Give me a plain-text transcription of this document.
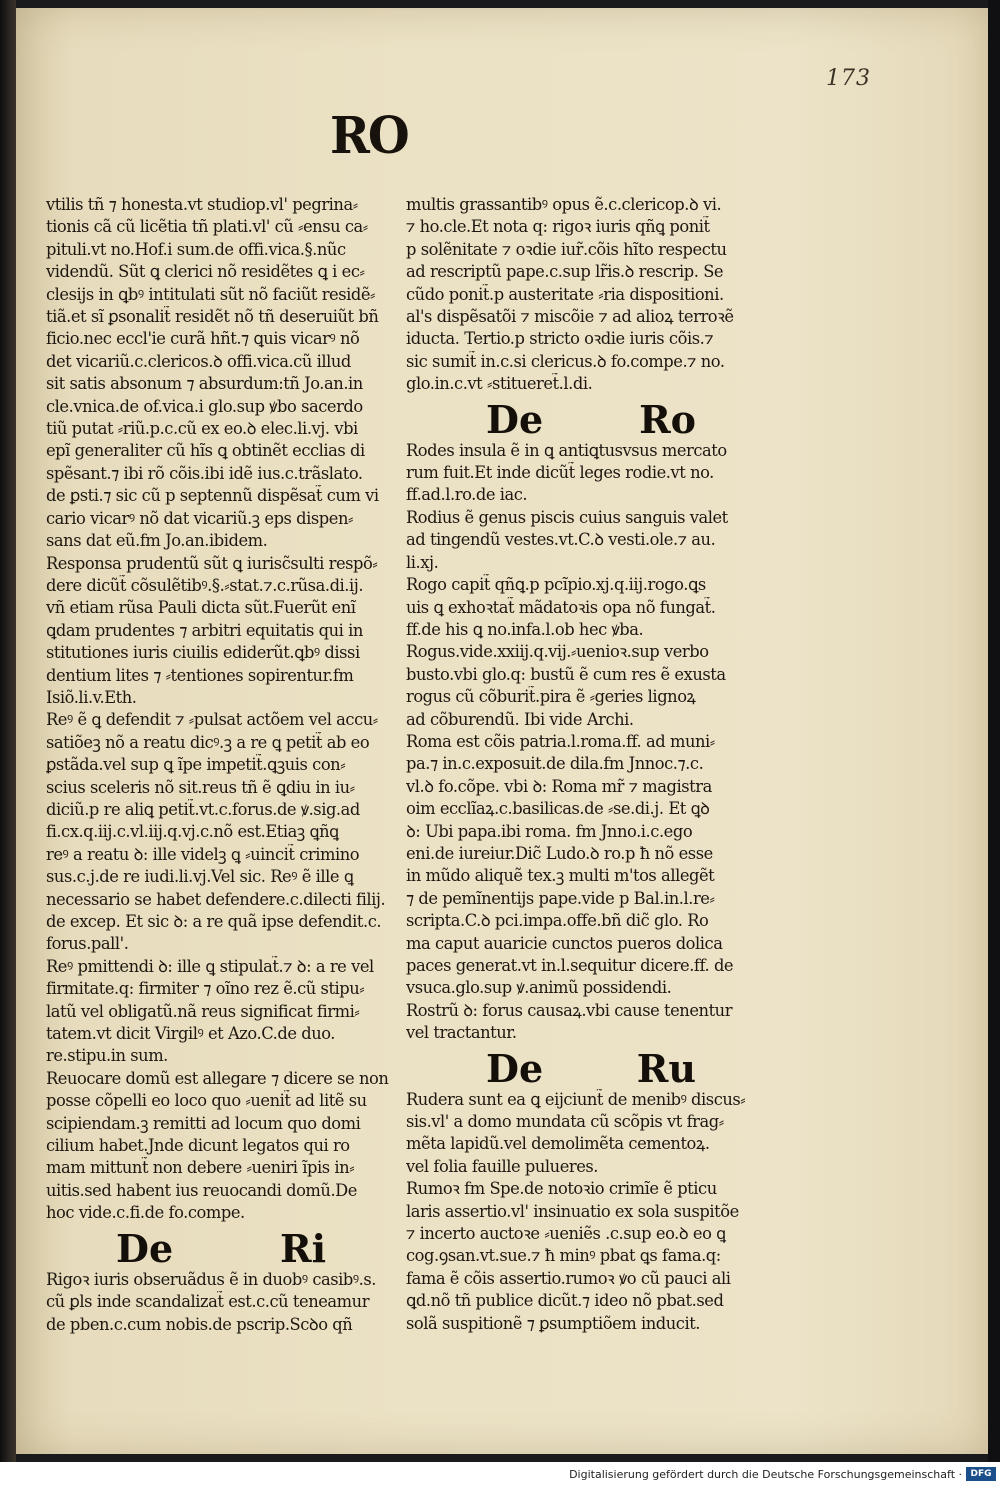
173
RO
vtilis tñ ⁊ honesta.vt studiop.vl' pegrina⸗
tionis cã cũ licẽtia tñ plati.vl' cũ ⸗ensu ca⸗
pituli.vt no.Hof.i sum.de offi.vica.§.nũc
videndũ. Sũt ꝗ clerici nõ residẽtes ꝗ i ec⸗
clesijs in ꝗbꝰ intitulati sũt nõ faciũt residẽ⸗
tiã.et sĩ ꝑsonalit̃ residẽt nõ tñ deseruiũt bñ
ficio.nec eccl'ie curã hñt.⁊ ꝗuis vicarꝰ nõ
det vicariũ.c.clericos.ꝺ offi.vica.cũ illud
sit satis absonum ⁊ absurdum:tñ Jo.an.in
cle.vnica.de of.vica.i glo.sup ꝟbo sacerdo
tiũ putat ⸗riũ.p.c.cũ ex eo.ꝺ elec.li.vj. vbi
epĩ generaliter cũ hĩs ꝗ obtinẽt ecclias di
spẽsant.⁊ ibi rõ cõis.ibi idẽ ius.c.trãslato.
de ꝑsti.⁊ sic cũ p septennũ dispẽsat̃ cum vi
cario vicarꝰ nõ dat vicariũ.ꝫ eps dispen⸗
sans dat eũ.fm Jo.an.ibidem.
Responsa prudentũ sũt ꝗ iurisc̃sulti respõ⸗
dere dicũt̃ cõsulẽtibꝰ.§.⸗stat.⁊.c.rũsa.di.ij.
vñ etiam rũsa Pauli dicta sũt.Fuerũt enĩ
ꝗdam prudentes ⁊ arbitri equitatis qui in
stitutiones iuris ciuilis ediderũt.ꝗbꝰ dissi
dentium lites ⁊ ⸗tentiones sopirentur.fm
Isiõ.li.v.Eth.
Reꝰ ẽ ꝗ defendit ⁊ ⸗pulsat actõem vel accu⸗
satiõeꝫ nõ a reatu dicꝰ.ꝫ a re ꝗ petit̃ ab eo
ꝑstãda.vel sup ꝗ ĩpe impetit̃.ꝗꝫuis con⸗
scius sceleris nõ sit.reus tñ ẽ ꝗdiu in iu⸗
diciũ.p re aliꝗ petit̃.vt.c.forus.de ꝟ.sig.ad
fi.cx.q.iij.c.vl.iij.q.vj.c.nõ est.Etiaꝫ ꝗñꝗ
reꝰ a reatu ꝺ: ille videlꝫ ꝗ ⸗uincit̃ crimino
sus.c.j.de re iudi.li.vj.Vel sic. Reꝰ ẽ ille ꝗ
necessario se habet defendere.c.dilecti filij.
de excep. Et sic ꝺ: a re quã ipse defendit.c.
forus.pall'.
Reꝰ pmittendi ꝺ: ille ꝗ stipulat̃.⁊ ꝺ: a re vel
firmitate.q: firmiter ⁊ oĩno rez ẽ.cũ stipu⸗
latũ vel obligatũ.nã reus significat firmi⸗
tatem.vt dicit Virgilꝰ et Azo.C.de duo.
re.stipu.in sum.
Reuocare domũ est allegare ⁊ dicere se non
posse cõpelli eo loco quo ⸗uenit̃ ad litẽ su
scipiendam.ꝫ remitti ad locum quo domi
cilium habet.Jnde dicunt legatos qui ro
mam mittunt̃ non debere ⸗ueniri ĩpis in⸗
uitis.sed habent ius reuocandi domũ.De
hoc vide.c.fi.de fo.compe.
De	Ri
Rigoꝛ iuris obseruãdus ẽ in duobꝰ casibꝰ.s.
cũ ꝑls inde scandalizat̃ est.c.cũ teneamur
de pben.c.cum nobis.de pscrip.Scꝺo qñ
multis grassantibꝰ opus ẽ.c.clericop.ꝺ vi.
⁊ ho.cle.Et nota q: rigoꝛ iuris qñꝗ ponit̃
p solẽnitate ⁊ oꝛdie iur̃.cõis hĩto respectu
ad rescriptũ pape.c.sup lr̃is.ꝺ rescrip. Se
cũdo ponit̃.p austeritate ⸗ria dispositioni.
al's dispẽsatõi ⁊ miscõie ⁊ ad alioꝝ terroꝛẽ
iducta. Tertio.p stricto oꝛdie iuris cõis.⁊
sic sumit̃ in.c.si clericus.ꝺ fo.compe.⁊ no.
glo.in.c.vt ⸗stitueret̃.l.di.
De	Ro
Rodes insula ẽ in ꝗ antiꝗtusvsus mercato
rum fuit.Et inde dicũt̃ leges rodie.vt no.
ff.ad.l.ro.de iac.
Rodius ẽ genus piscis cuius sanguis valet
ad tingendũ vestes.vt.C.ꝺ vesti.ole.⁊ au.
li.xj.
Rogo capit̃ qñꝗ.p pcĩpio.xj.q.iij.rogo.ꝗs
uis ꝗ exhoꝛtat̃ mãdatoꝛis opa nõ fungat̃.
ff.de his ꝗ no.infa.l.ob hec ꝟba.
Rogus.vide.xxiij.q.vij.⸗uenioꝛ.sup verbo
busto.vbi glo.q: bustũ ẽ cum res ẽ exusta
rogus cũ cõburit̃.pira ẽ ⸗geries lignoꝝ
ad cõburendũ. Ibi vide Archi.
Roma est cõis patria.l.roma.ff. ad muni⸗
pa.⁊ in.c.exposuit.de dila.fm Jnnoc.⁊.c.
vl.ꝺ fo.cõpe. vbi ꝺ: Roma mr̃ ⁊ magistra
oim ecclĩaꝝ.c.basilicas.de ⸗se.di.j. Et ꝗꝺ
ꝺ: Ubi papa.ibi roma. fm Jnno.i.c.ego
eni.de iureiur.Dic̃ Ludo.ꝺ ro.p ħ nõ esse
in mũdo aliquẽ tex.ꝫ multi m'tos allegẽt
⁊ de pemĩnentijs pape.vide p Bal.in.l.re⸗
scripta.C.ꝺ pci.impa.offe.bñ dic̃ glo. Ro
ma caput auaricie cunctos pueros dolica
paces generat.vt in.l.sequitur dicere.ff. de
vsuca.glo.sup ꝟ.animũ possidendi.
Rostrũ ꝺ: forus causaꝝ.vbi cause tenentur
vel tractantur.
De Ru
Rudera sunt ea ꝗ eijciunt̃ de menibꝰ discus⸗
sis.vl' a domo mundata cũ scõpis vt frag⸗
mẽta lapidũ.vel demolimẽta cementoꝝ.
vel folia fauille pulueres.
Rumoꝛ fm Spe.de notoꝛio crimĩe ẽ pticu
laris assertio.vl' insinuatio ex sola suspitõe
⁊ incerto auctoꝛe ⸗ueniẽs .c.sup eo.ꝺ eo ꝗ
cog.ꝯsan.vt.sue.⁊ ħ minꝰ pbat ꝗs fama.q:
fama ẽ cõis assertio.rumoꝛ ꝟo cũ pauci ali
ꝗd.nõ tñ publice dicũt.⁊ ideo nõ pbat.sed
solã suspitionẽ ⁊ ꝑsumptiõem inducit.
Digitalisierung gefördert durch die Deutsche Forschungsgemeinschaft · DFG
